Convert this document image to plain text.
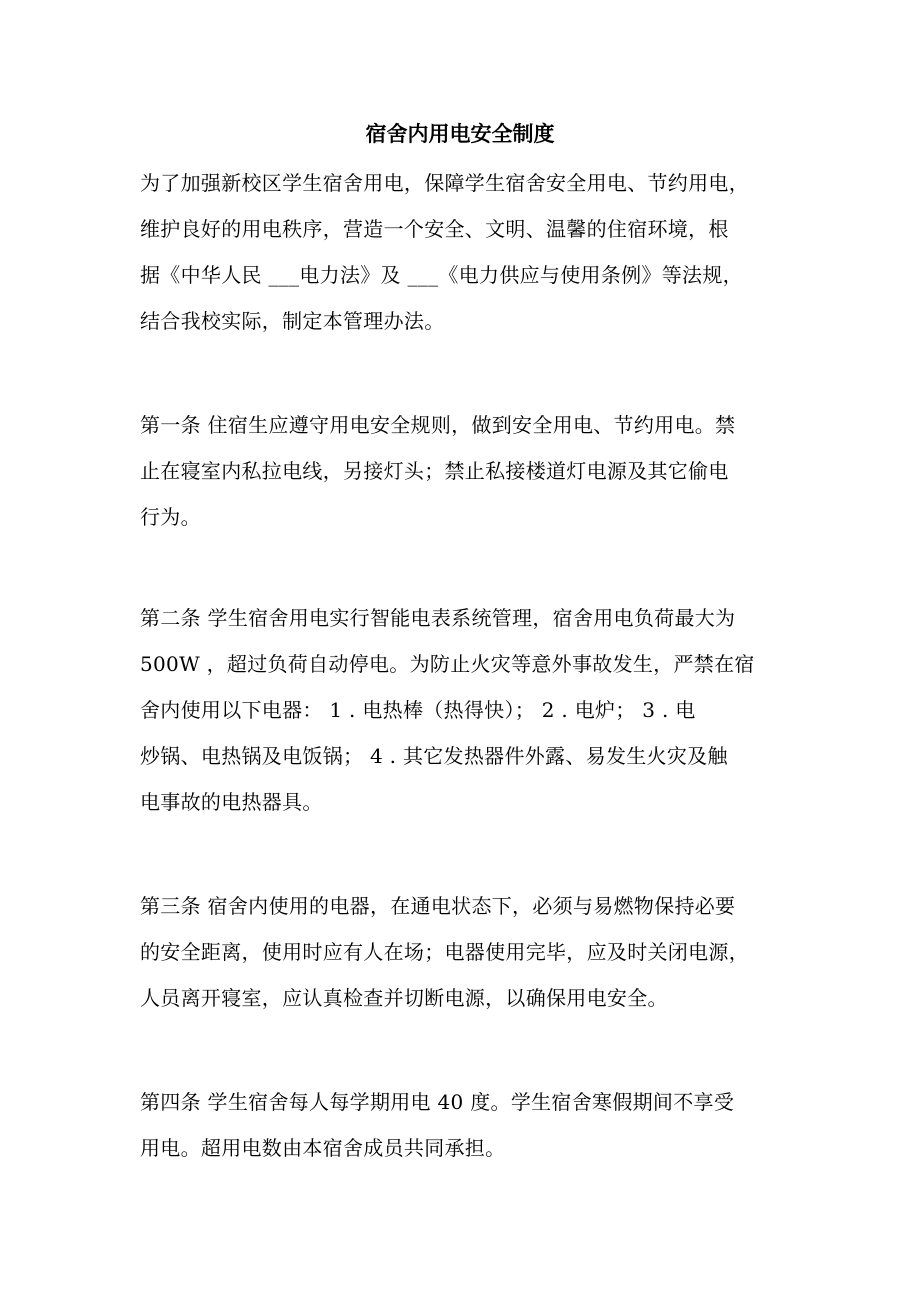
宿舍内用电安全制度
为了加强新校区学生宿舍用电，保障学生宿舍安全用电、节约用电，
维护良好的用电秩序，营造一个安全、文明、温馨的住宿环境，根
据《中华人民 ___电力法》及 ___《电力供应与使用条例》等法规，
结合我校实际，制定本管理办法。
第一条 住宿生应遵守用电安全规则，做到安全用电、节约用电。禁
止在寝室内私拉电线，另接灯头；禁止私接楼道灯电源及其它偷电
行为。
第二条 学生宿舍用电实行智能电表系统管理，宿舍用电负荷最大为
500W ，超过负荷自动停电。为防止火灾等意外事故发生，严禁在宿
舍内使用以下电器： 1 . 电热棒（热得快）； 2 . 电炉； 3 . 电
炒锅、电热锅及电饭锅； 4 . 其它发热器件外露、易发生火灾及触
电事故的电热器具。
第三条 宿舍内使用的电器，在通电状态下，必须与易燃物保持必要
的安全距离，使用时应有人在场；电器使用完毕，应及时关闭电源，
人员离开寝室，应认真检查并切断电源，以确保用电安全。
第四条 学生宿舍每人每学期用电 40 度。学生宿舍寒假期间不享受
用电。超用电数由本宿舍成员共同承担。
